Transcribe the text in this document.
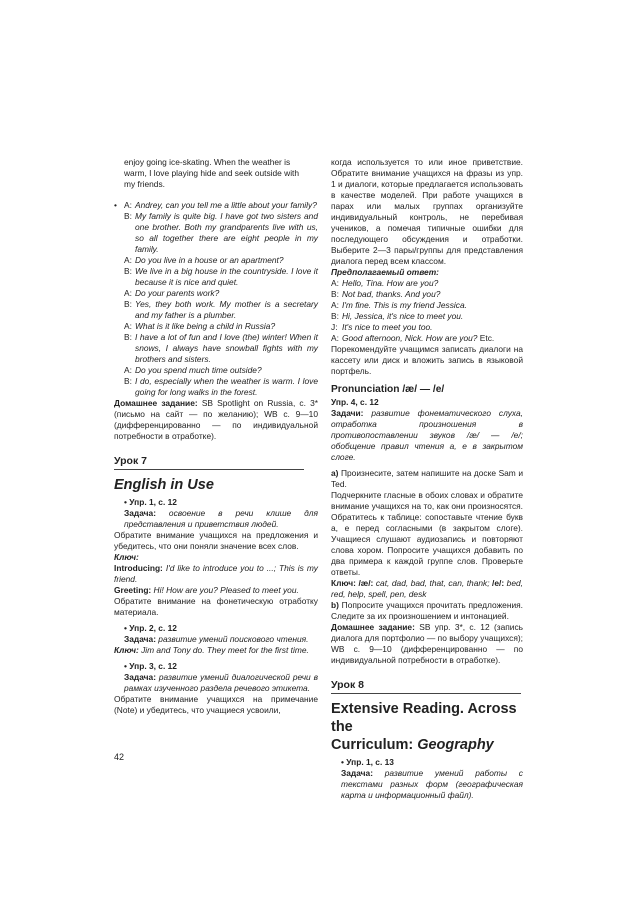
enjoy going ice-skating. When the weather is
warm, I love playing hide and seek outside with
my friends.
• A: Andrey, can you tell me a little about your family?
B: My family is quite big. I have got two sisters and one brother. Both my grandparents live with us, so all together there are eight people in my family.
A: Do you live in a house or an apartment?
B: We live in a big house in the countryside. I love it because it is nice and quiet.
A: Do your parents work?
B: Yes, they both work. My mother is a secretary and my father is a plumber.
A: What is it like being a child in Russia?
B: I have a lot of fun and I love (the) winter! When it snows, I always have snowball fights with my brothers and sisters.
A: Do you spend much time outside?
B: I do, especially when the weather is warm. I love going for long walks in the forest.

Домашнее задание: SB Spotlight on Russia, с. 3* (письмо на сайт — по желанию); WB с. 9—10 (дифференцированно — по индивидуальной потребности в отработке).

Урок 7
English in Use
• Упр. 1, с. 12

Задача: освоение в речи клише для представления и приветствия людей.

Обратите внимание учащихся на предложения и убедитесь, что они поняли значение всех слов.

Ключ:

Introducing: I'd like to introduce you to ...; This is my friend.

Greeting: Hi! How are you? Pleased to meet you.

Обратите внимание на фонетическую отработку материала.

• Упр. 2, с. 12

Задача: развитие умений поискового чтения.

Ключ: Jim and Tony do. They meet for the first time.

• Упр. 3, с. 12

Задача: развитие умений диалогической речи в рамках изученного раздела речевого этикета.

Обратите внимание учащихся на примечание (Note) и убедитесь, что учащиеся усвоили,

42

когда используется то или иное приветствие. Обратите внимание учащихся на фразы из упр. 1 и диалоги, которые предлагается использовать в качестве моделей. При работе учащихся в парах или малых группах организуйте индивидуальный контроль, не перебивая учеников, а помечая типичные ошибки для последующего обсуждения и отработки. Выберите 2—3 пары/группы для представления диалога перед всем классом.

Предполагаемый ответ:
A: Hello, Tina. How are you?
B: Not bad, thanks. And you?
A: I'm fine. This is my friend Jessica.
B: Hi, Jessica, it's nice to meet you.
J: It's nice to meet you too.
A: Good afternoon, Nick. How are you? Etc.

Порекомендуйте учащимся записать диалоги на кассету или диск и вложить запись в языковой портфель.

Pronunciation /æ/ — /e/
Упр. 4, с. 12

Задачи: развитие фонематического слуха, отработка произношения в противопоставлении звуков /æ/ — /e/; обобщение правил чтения a, e в закрытом слоге.

a) Произнесите, затем напишите на доске Sam и Ted.

Подчеркните гласные в обоих словах и обратите внимание учащихся на то, как они произносятся. Обратитесь к таблице: сопоставьте чтение букв a, e перед согласными (в закрытом слоге). Учащиеся слушают аудиозапись и повторяют слова хором. Попросите учащихся добавить по два примера к каждой группе слов. Проверьте ответы.

Ключ: /æ/: cat, dad, bad, that, can, thank; /e/: bed, red, help, spell, pen, desk

b) Попросите учащихся прочитать предложения. Следите за их произношением и интонацией.

Домашнее задание: SB упр. 3*, с. 12 (запись диалога для портфолио — по выбору учащихся); WB с. 9—10 (дифференцированно — по индивидуальной потребности в отработке).

Урок 8
Extensive Reading. Across the
Curriculum: Geography
• Упр. 1, с. 13

Задача: развитие умений работы с текстами разных форм (географическая карта и информационный файл).
